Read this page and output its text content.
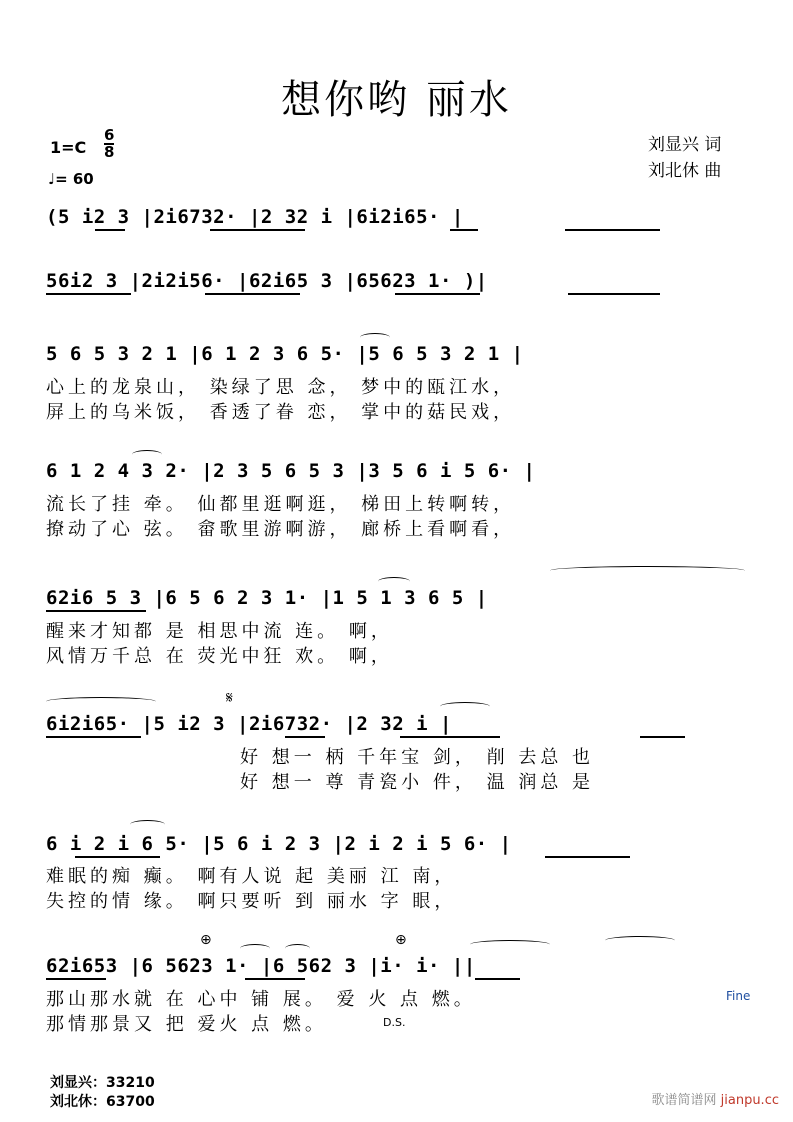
想你哟 丽水
1=C
6
8
♩= 60
刘显兴 词
刘北休 曲
(5 i2 3 |2i6732· |2 32 i |6i2i65· |
56i2 3 |2i2i56· |62i65 3 |65623 1· )|
5 6 5 3 2 1 |6 1 2 3 6 5· |5 6 5 3 2 1 |
心上的龙泉山， 染绿了思 念， 梦中的瓯江水，
屏上的乌米饭， 香透了眷 恋， 掌中的菇民戏，
6 1 2 4 3 2· |2 3 5 6 5 3 |3 5 6 i 5 6· |
流长了挂 牵。 仙都里逛啊逛， 梯田上转啊转，
撩动了心 弦。 畲歌里游啊游， 廊桥上看啊看，
62i6 5 3 |6 5 6 2 3 1· |1 5 1 3 6 5 |
醒来才知都 是 相思中流 连。 啊，
风情万千总 在 荧光中狂 欢。 啊，
𝄋
6i2i65· |5 i2 3 |2i6732· |2 32 i |
好 想一 柄 千年宝 剑， 削 去总 也
好 想一 尊 青瓷小 件， 温 润总 是
6 i 2 i 6 5· |5 6 i 2 3 |2 i 2 i 5 6· |
难眠的痴 癫。 啊有人说 起 美丽 江 南，
失控的情 缘。 啊只要听 到 丽水 字 眼，
⊕	⊕
62i653 |6 5623 1· |6 562 3 |i· i· ||
那山那水就 在 心中 铺 展。 爱 火 点 燃。	Fine
那情那景又 把 爱火 点 燃。	D.S.
刘显兴：33210
刘北休：63700	歌谱简谱网 jianpu.cc
